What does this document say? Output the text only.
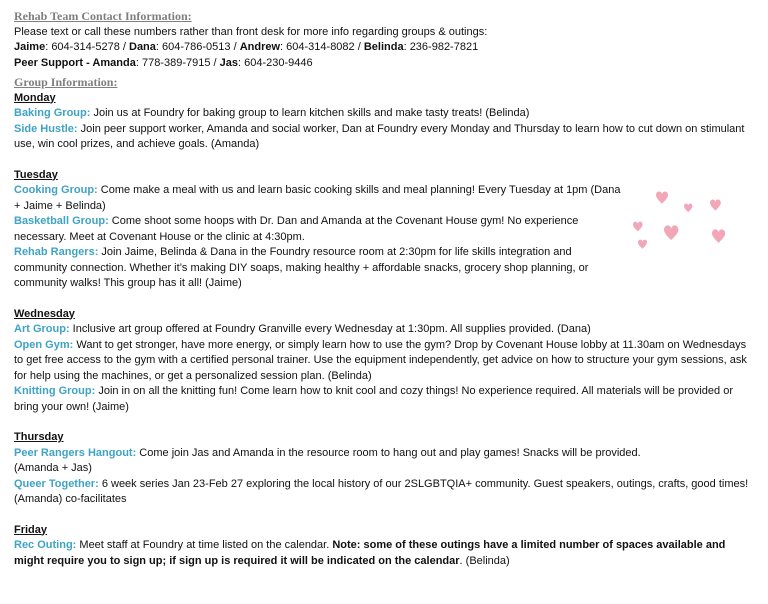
Rehab Team Contact Information:
Please text or call these numbers rather than front desk for more info regarding groups & outings:
Jaime: 604-314-5278 / Dana: 604-786-0513 / Andrew: 604-314-8082 / Belinda: 236-982-7821
Peer Support - Amanda: 778-389-7915 / Jas: 604-230-9446
Group Information:
Monday
Baking Group: Join us at Foundry for baking group to learn kitchen skills and make tasty treats! (Belinda)
Side Hustle: Join peer support worker, Amanda and social worker, Dan at Foundry every Monday and Thursday to learn how to cut down on stimulant use, win cool prizes, and achieve goals. (Amanda)
Tuesday
Cooking Group: Come make a meal with us and learn basic cooking skills and meal planning! Every Tuesday at 1pm (Dana + Jaime + Belinda)
Basketball Group: Come shoot some hoops with Dr. Dan and Amanda at the Covenant House gym! No experience necessary. Meet at Covenant House or the clinic at 4:30pm.
Rehab Rangers: Join Jaime, Belinda & Dana in the Foundry resource room at 2:30pm for life skills integration and community connection. Whether it’s making DIY soaps, making healthy + affordable snacks, grocery shop planning, or community walks! This group has it all! (Jaime)
Wednesday
Art Group: Inclusive art group offered at Foundry Granville every Wednesday at 1:30pm. All supplies provided. (Dana)
Open Gym: Want to get stronger, have more energy, or simply learn how to use the gym? Drop by Covenant House lobby at 11.30am on Wednesdays to get free access to the gym with a certified personal trainer. Use the equipment independently, get advice on how to structure your gym sessions, ask for help using the machines, or get a personalized session plan. (Belinda)
Knitting Group: Join in on all the knitting fun! Come learn how to knit cool and cozy things! No experience required. All materials will be provided or bring your own! (Jaime)
Thursday
Peer Rangers Hangout: Come join Jas and Amanda in the resource room to hang out and play games! Snacks will be provided. (Amanda + Jas)
Queer Together: 6 week series Jan 23-Feb 27 exploring the local history of our 2SLGBTQIA+ community. Guest speakers, outings, crafts, good times! (Amanda) co-facilitates
Friday
Rec Outing: Meet staff at Foundry at time listed on the calendar. Note: some of these outings have a limited number of spaces available and might require you to sign up; if sign up is required it will be indicated on the calendar. (Belinda)
